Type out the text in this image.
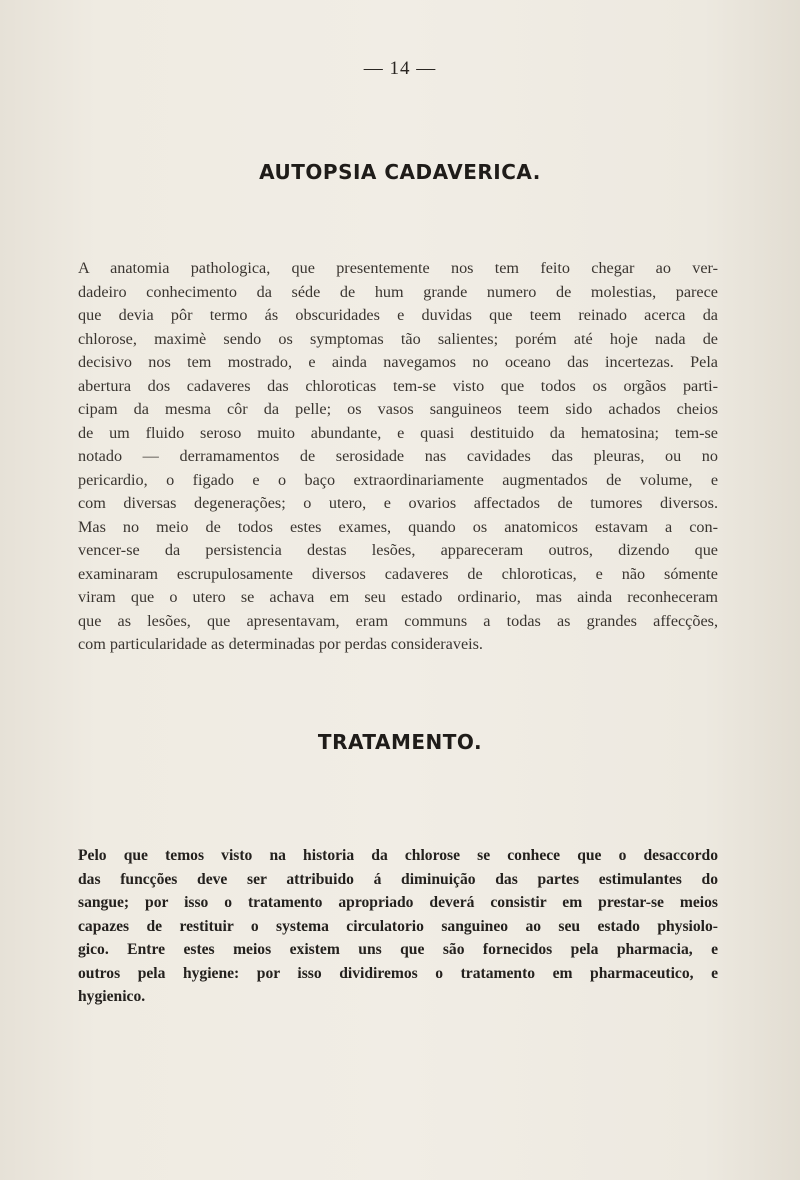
— 14 —
AUTOPSIA CADAVERICA.
A anatomia pathologica, que presentemente nos tem feito chegar ao ver-
dadeiro conhecimento da séde de hum grande numero de molestias, parece
que devia pôr termo ás obscuridades e duvidas que teem reinado acerca da
chlorose, maximè sendo os symptomas tão salientes; porém até hoje nada de
decisivo nos tem mostrado, e ainda navegamos no oceano das incertezas. Pela
abertura dos cadaveres das chloroticas tem-se visto que todos os orgãos parti-
cipam da mesma côr da pelle; os vasos sanguineos teem sido achados cheios
de um fluido seroso muito abundante, e quasi destituido da hematosina; tem-se
notado — derramamentos de serosidade nas cavidades das pleuras, ou no
pericardio, o figado e o baço extraordinariamente augmentados de volume, e
com diversas degenerações; o utero, e ovarios affectados de tumores diversos.
Mas no meio de todos estes exames, quando os anatomicos estavam a con-
vencer-se da persistencia destas lesões, appareceram outros, dizendo que
examinaram escrupulosamente diversos cadaveres de chloroticas, e não sómente
viram que o utero se achava em seu estado ordinario, mas ainda reconheceram
que as lesões, que apresentavam, eram communs a todas as grandes affecções,
com particularidade as determinadas por perdas consideraveis.
TRATAMENTO.
Pelo que temos visto na historia da chlorose se conhece que o desaccordo
das funcções deve ser attribuido á diminuição das partes estimulantes do
sangue; por isso o tratamento apropriado deverá consistir em prestar-se meios
capazes de restituir o systema circulatorio sanguineo ao seu estado physiolo-
gico. Entre estes meios existem uns que são fornecidos pela pharmacia, e
outros pela hygiene: por isso dividiremos o tratamento em pharmaceutico, e
hygienico.
